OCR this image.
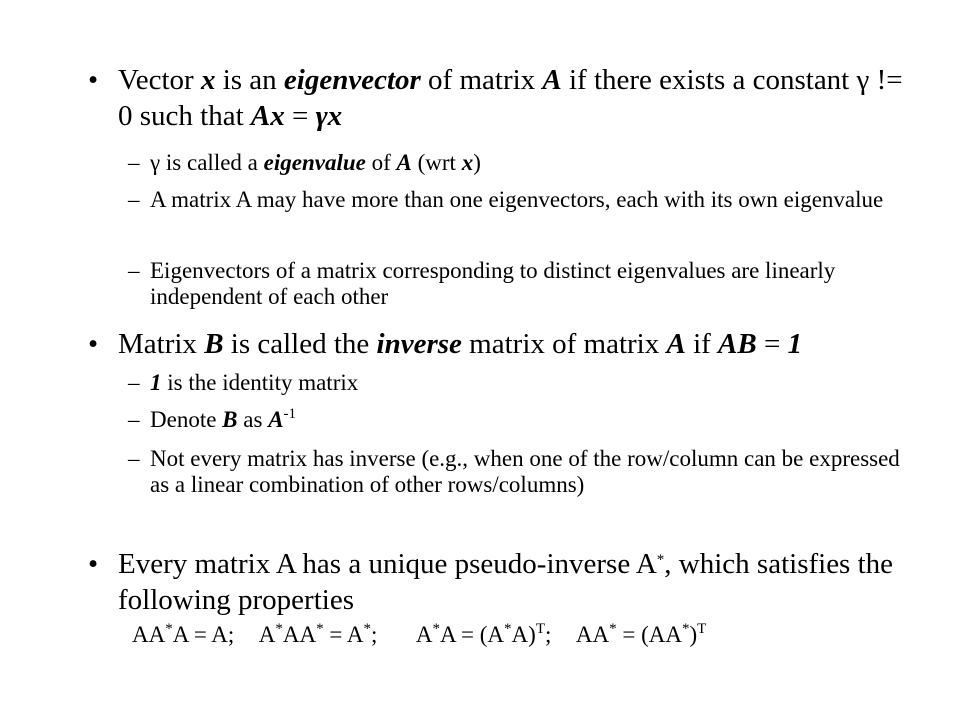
• Vector x is an eigenvector of matrix A if there exists a constant γ != 0 such that Ax = γx
– γ is called a eigenvalue of A (wrt x)
– A matrix A may have more than one eigenvectors, each with its own eigenvalue
– Eigenvectors of a matrix corresponding to distinct eigenvalues are linearly independent of each other
• Matrix B is called the inverse matrix of matrix A if AB = 1
– 1 is the identity matrix
– Denote B as $A^{-1}$
– Not every matrix has inverse (e.g., when one of the row/column can be expressed as a linear combination of other rows/columns)
• Every matrix A has a unique pseudo-inverse A*, which satisfies the following properties
AA*A = A; A*AA* = A*; $A^*A = (A^*A)^T$; $AA^* = (AA^*)^T$
